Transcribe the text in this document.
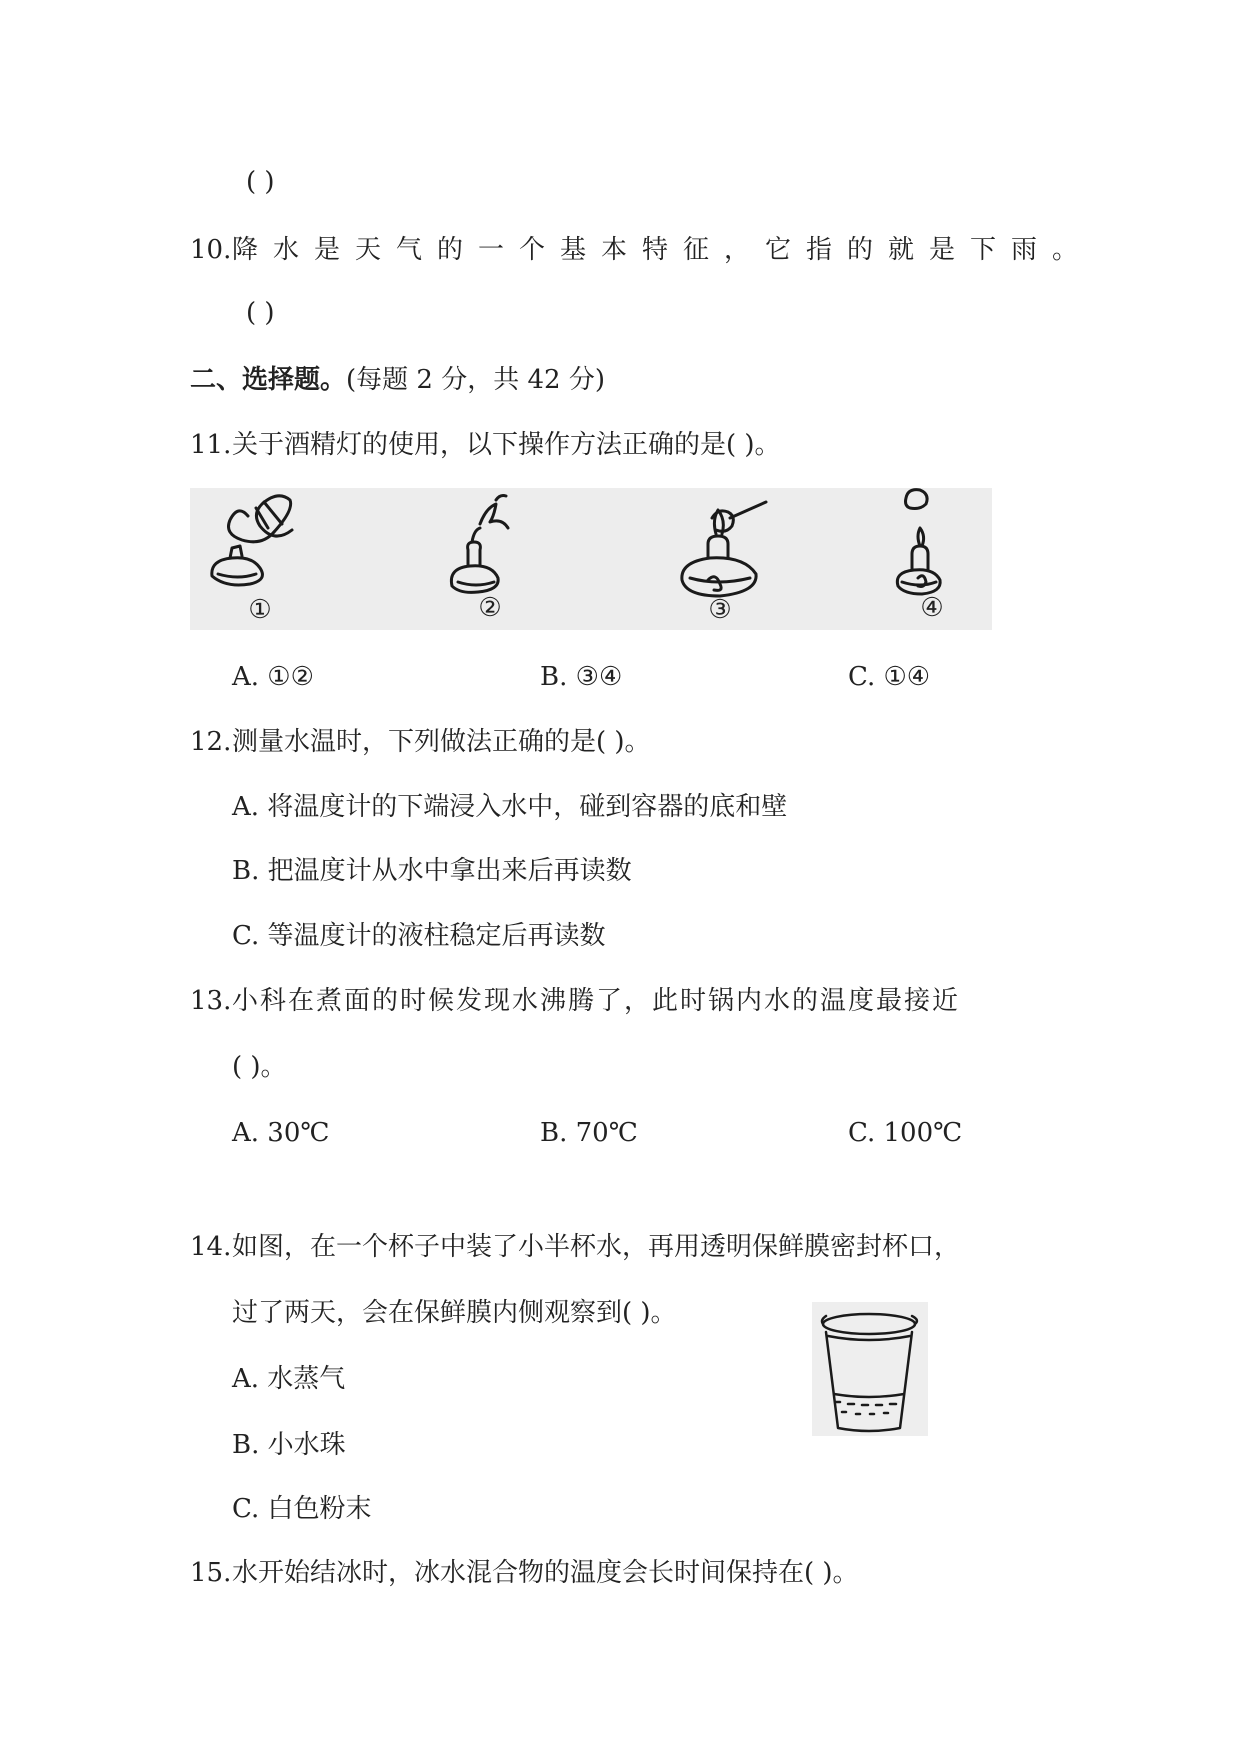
( )
10. 降水是天气的一个基本特征，它指的就是下雨。
( )
二、选择题。(每题 2 分，共 42 分)
11. 关于酒精灯的使用，以下操作方法正确的是( )。
①	②	③	④
A. ①②	B. ③④	C. ①④
12. 测量水温时，下列做法正确的是( )。
A. 将温度计的下端浸入水中，碰到容器的底和壁
B. 把温度计从水中拿出来后再读数
C. 等温度计的液柱稳定后再读数
13. 小科在煮面的时候发现水沸腾了，此时锅内水的温度最接近
( )。
A. 30℃	B. 70℃	C. 100℃
14. 如图，在一个杯子中装了小半杯水，再用透明保鲜膜密封杯口，
过了两天，会在保鲜膜内侧观察到( )。
A. 水蒸气
B. 小水珠
C. 白色粉末
15. 水开始结冰时，冰水混合物的温度会长时间保持在( )。
